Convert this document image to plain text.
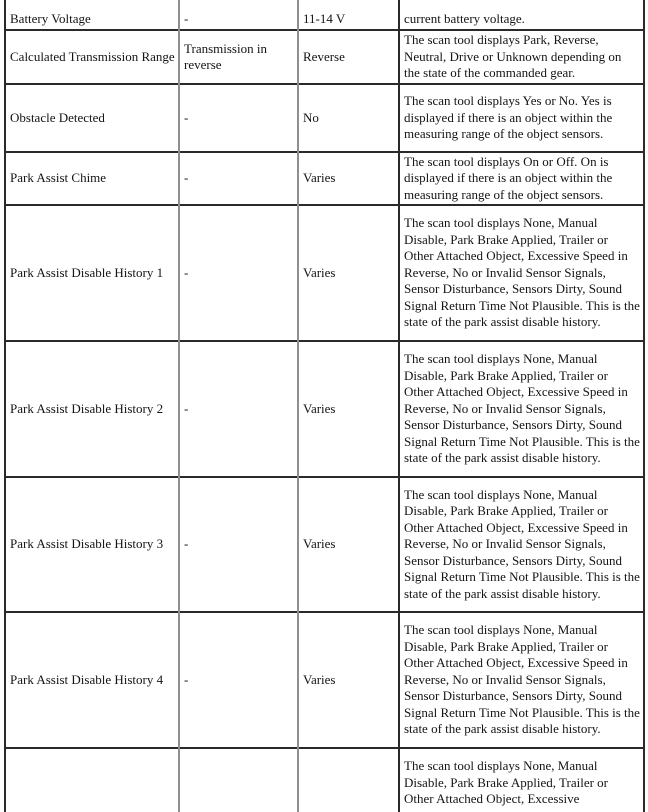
Battery Voltage	-	11-14 V	current battery voltage.
Calculated Transmission Range	Transmission in reverse	Reverse	The scan tool displays Park, Reverse, Neutral, Drive or Unknown depending on the state of the commanded gear.
Obstacle Detected	-	No	The scan tool displays Yes or No. Yes is displayed if there is an object within the measuring range of the object sensors.
Park Assist Chime	-	Varies	The scan tool displays On or Off. On is displayed if there is an object within the measuring range of the object sensors.
Park Assist Disable History 1	-	Varies	The scan tool displays None, Manual Disable, Park Brake Applied, Trailer or Other Attached Object, Excessive Speed in Reverse, No or Invalid Sensor Signals, Sensor Disturbance, Sensors Dirty, Sound Signal Return Time Not Plausible. This is the state of the park assist disable history.
Park Assist Disable History 2	-	Varies	The scan tool displays None, Manual Disable, Park Brake Applied, Trailer or Other Attached Object, Excessive Speed in Reverse, No or Invalid Sensor Signals, Sensor Disturbance, Sensors Dirty, Sound Signal Return Time Not Plausible. This is the state of the park assist disable history.
Park Assist Disable History 3	-	Varies	The scan tool displays None, Manual Disable, Park Brake Applied, Trailer or Other Attached Object, Excessive Speed in Reverse, No or Invalid Sensor Signals, Sensor Disturbance, Sensors Dirty, Sound Signal Return Time Not Plausible. This is the state of the park assist disable history.
Park Assist Disable History 4	-	Varies	The scan tool displays None, Manual Disable, Park Brake Applied, Trailer or Other Attached Object, Excessive Speed in Reverse, No or Invalid Sensor Signals, Sensor Disturbance, Sensors Dirty, Sound Signal Return Time Not Plausible. This is the state of the park assist disable history.
			The scan tool displays None, Manual Disable, Park Brake Applied, Trailer or Other Attached Object, Excessive
